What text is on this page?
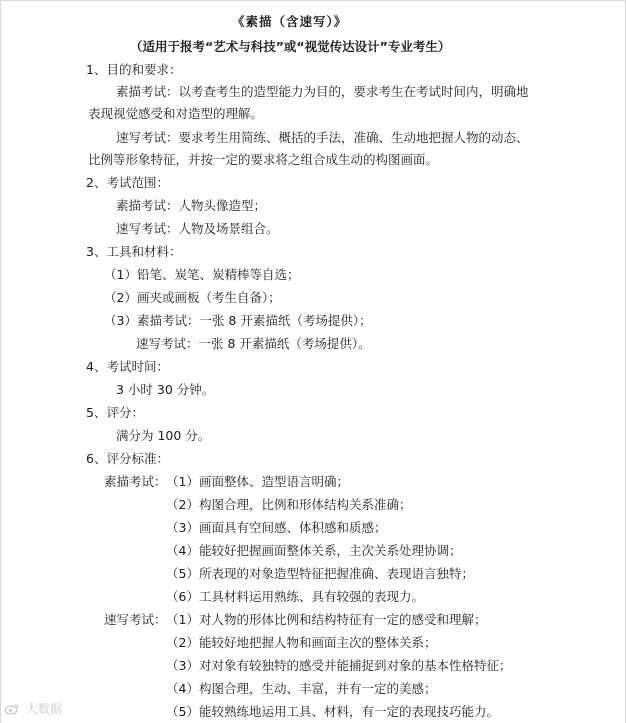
《素描（含速写）》
（适用于报考“艺术与科技”或“视觉传达设计”专业考生）
1、目的和要求：
素描考试：以考查考生的造型能力为目的，要求考生在考试时间内，明确地
表现视觉感受和对造型的理解。
速写考试：要求考生用简练、概括的手法，准确、生动地把握人物的动态、
比例等形象特征，并按一定的要求将之组合成生动的构图画面。
2、考试范围：
素描考试：人物头像造型；
速写考试：人物及场景组合。
3、工具和材料：
（1）铅笔、炭笔、炭精棒等自选；
（2）画夹或画板（考生自备）；
（3）素描考试：一张 8 开素描纸（考场提供）；
速写考试：一张 8 开素描纸（考场提供）。
4、考试时间：
3 小时 30 分钟。
5、评分：
满分为 100 分。
6、评分标准：
素描考试： （1）画面整体、造型语言明确；
（2）构图合理，比例和形体结构关系准确；
（3）画面具有空间感、体积感和质感；
（4）能较好把握画面整体关系，主次关系处理协调；
（5）所表现的对象造型特征把握准确、表现语言独特；
（6）工具材料运用熟练、具有较强的表现力。
速写考试： （1）对人物的形体比例和结构特征有一定的感受和理解；
（2）能较好地把握人物和画面主次的整体关系；
（3）对对象有较独特的感受并能捕捉到对象的基本性格特征；
（4）构图合理，生动、丰富，并有一定的美感；
（5）能较熟练地运用工具、材料，有一定的表现技巧能力。
大数据
